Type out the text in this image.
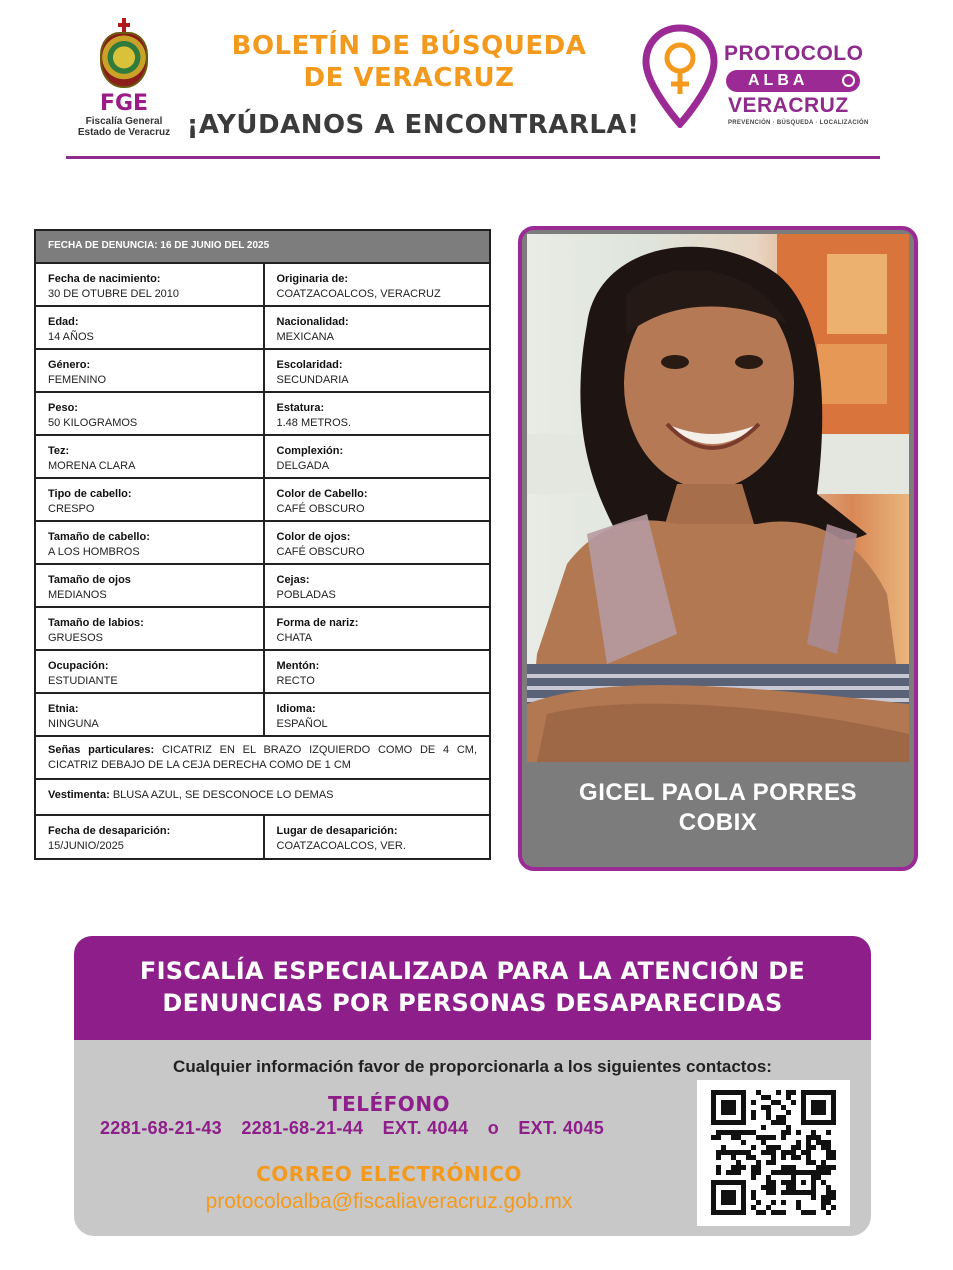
FGE
Fiscalía General
Estado de Veracruz
BOLETÍN DE BÚSQUEDA
DE VERACRUZ
¡AYÚDANOS A ENCONTRARLA!
PROTOCOLO
ALBA
VERACRUZ
PREVENCIÓN · BÚSQUEDA · LOCALIZACIÓN
FECHA DE DENUNCIA: 16 DE JUNIO DEL 2025
Fecha de nacimiento:
30 DE OTUBRE DEL 2010
Originaria de:
COATZACOALCOS, VERACRUZ
Edad:
14 AÑOS
Nacionalidad:
MEXICANA
Género:
FEMENINO
Escolaridad:
SECUNDARIA
Peso:
50 KILOGRAMOS
Estatura:
1.48 METROS.
Tez:
MORENA CLARA
Complexión:
DELGADA
Tipo de cabello:
CRESPO
Color de Cabello:
CAFÉ OBSCURO
Tamaño de cabello:
A LOS HOMBROS
Color de ojos:
CAFÉ OBSCURO
Tamaño de ojos
MEDIANOS
Cejas:
POBLADAS
Tamaño de labios:
GRUESOS
Forma de nariz:
CHATA
Ocupación:
ESTUDIANTE
Mentón:
RECTO
Etnia:
NINGUNA
Idioma:
ESPAÑOL
Señas particulares: CICATRIZ EN EL BRAZO IZQUIERDO COMO DE 4 CM, CICATRIZ DEBAJO DE LA CEJA DERECHA COMO DE 1 CM
Vestimenta: BLUSA AZUL, SE DESCONOCE LO DEMAS
Fecha de desaparición:
15/JUNIO/2025
Lugar de desaparición:
COATZACOALCOS, VER.
GICEL PAOLA PORRES
COBIX
FISCALÍA ESPECIALIZADA PARA LA ATENCIÓN DE
DENUNCIAS POR PERSONAS DESAPARECIDAS
Cualquier información favor de proporcionarla a los siguientes contactos:
TELÉFONO
2281-68-21-43 2281-68-21-44 EXT. 4044 o EXT. 4045
CORREO ELECTRÓNICO
protocoloalba@fiscaliaveracruz.gob.mx
